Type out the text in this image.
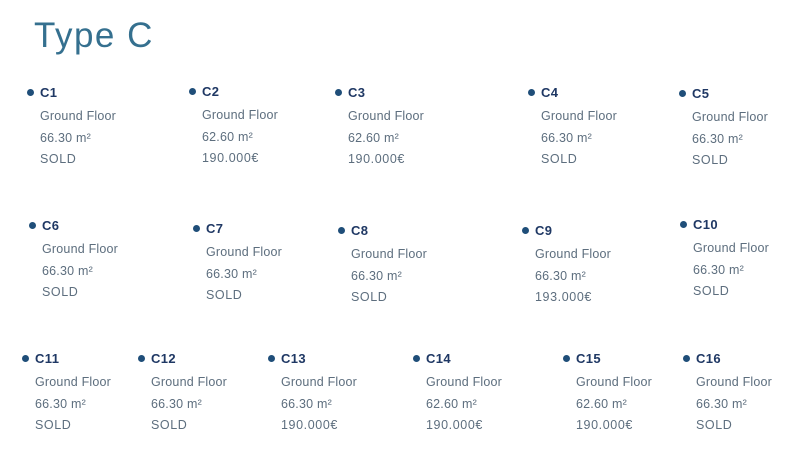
Type C
C1
Ground Floor
66.30 m²
SOLD
C2
Ground Floor
62.60 m²
190.000€
C3
Ground Floor
62.60 m²
190.000€
C4
Ground Floor
66.30 m²
SOLD
C5
Ground Floor
66.30 m²
SOLD
C6
Ground Floor
66.30 m²
SOLD
C7
Ground Floor
66.30 m²
SOLD
C8
Ground Floor
66.30 m²
SOLD
C9
Ground Floor
66.30 m²
193.000€
C10
Ground Floor
66.30 m²
SOLD
C11
Ground Floor
66.30 m²
SOLD
C12
Ground Floor
66.30 m²
SOLD
C13
Ground Floor
66.30 m²
190.000€
C14
Ground Floor
62.60 m²
190.000€
C15
Ground Floor
62.60 m²
190.000€
C16
Ground Floor
66.30 m²
SOLD
